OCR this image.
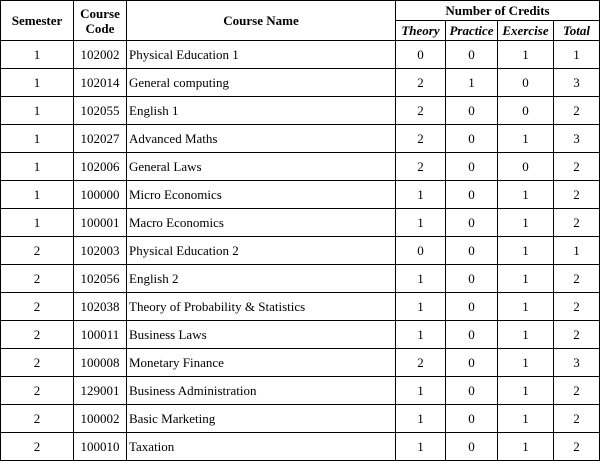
Semester	Course Code	Course Name	Number of Credits			
			Theory	Practice	Exercise	Total
1	102002	Physical Education 1	0	0	1	1
1	102014	General computing	2	1	0	3
1	102055	English 1	2	0	0	2
1	102027	Advanced Maths	2	0	1	3
1	102006	General Laws	2	0	0	2
1	100000	Micro Economics	1	0	1	2
1	100001	Macro Economics	1	0	1	2
2	102003	Physical Education 2	0	0	1	1
2	102056	English 2	1	0	1	2
2	102038	Theory of Probability & Statistics	1	0	1	2
2	100011	Business Laws	1	0	1	2
2	100008	Monetary Finance	2	0	1	3
2	129001	Business Administration	1	0	1	2
2	100002	Basic Marketing	1	0	1	2
2	100010	Taxation	1	0	1	2
